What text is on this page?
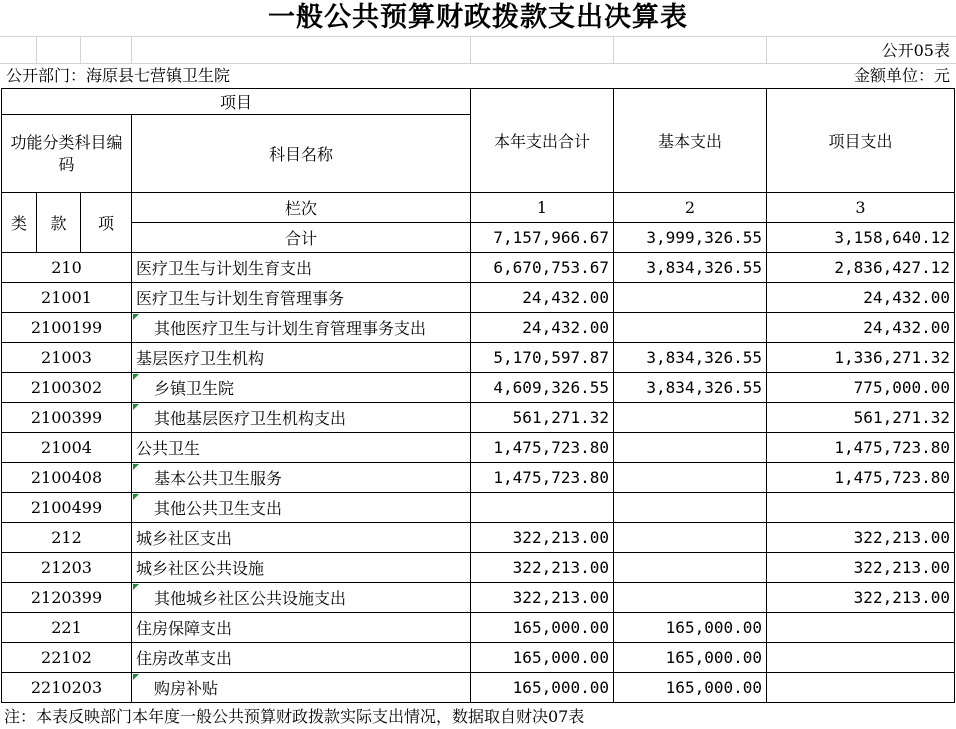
一般公共预算财政拨款支出决算表
公开05表
公开部门：海原县七营镇卫生院	金额单位：元
项目				本年支出合计	基本支出	项目支出
功能分类科目编码			科目名称			

类	款	项	栏次	1	2	3
			合计	7,157,966.67	3,999,326.55	3,158,640.12
210			医疗卫生与计划生育支出	6,670,753.67	3,834,326.55	2,836,427.12
21001			医疗卫生与计划生育管理事务	24,432.00		24,432.00
2100199			其他医疗卫生与计划生育管理事务支出	24,432.00		24,432.00
21003			基层医疗卫生机构	5,170,597.87	3,834,326.55	1,336,271.32
2100302			乡镇卫生院	4,609,326.55	3,834,326.55	775,000.00
2100399			其他基层医疗卫生机构支出	561,271.32		561,271.32
21004			公共卫生	1,475,723.80		1,475,723.80
2100408			基本公共卫生服务	1,475,723.80		1,475,723.80
2100499			其他公共卫生支出			
212			城乡社区支出	322,213.00		322,213.00
21203			城乡社区公共设施	322,213.00		322,213.00
2120399			其他城乡社区公共设施支出	322,213.00		322,213.00
221			住房保障支出	165,000.00	165,000.00	
22102			住房改革支出	165,000.00	165,000.00	
2210203			购房补贴	165,000.00	165,000.00	
注：本表反映部门本年度一般公共预算财政拨款实际支出情况，数据取自财决07表
